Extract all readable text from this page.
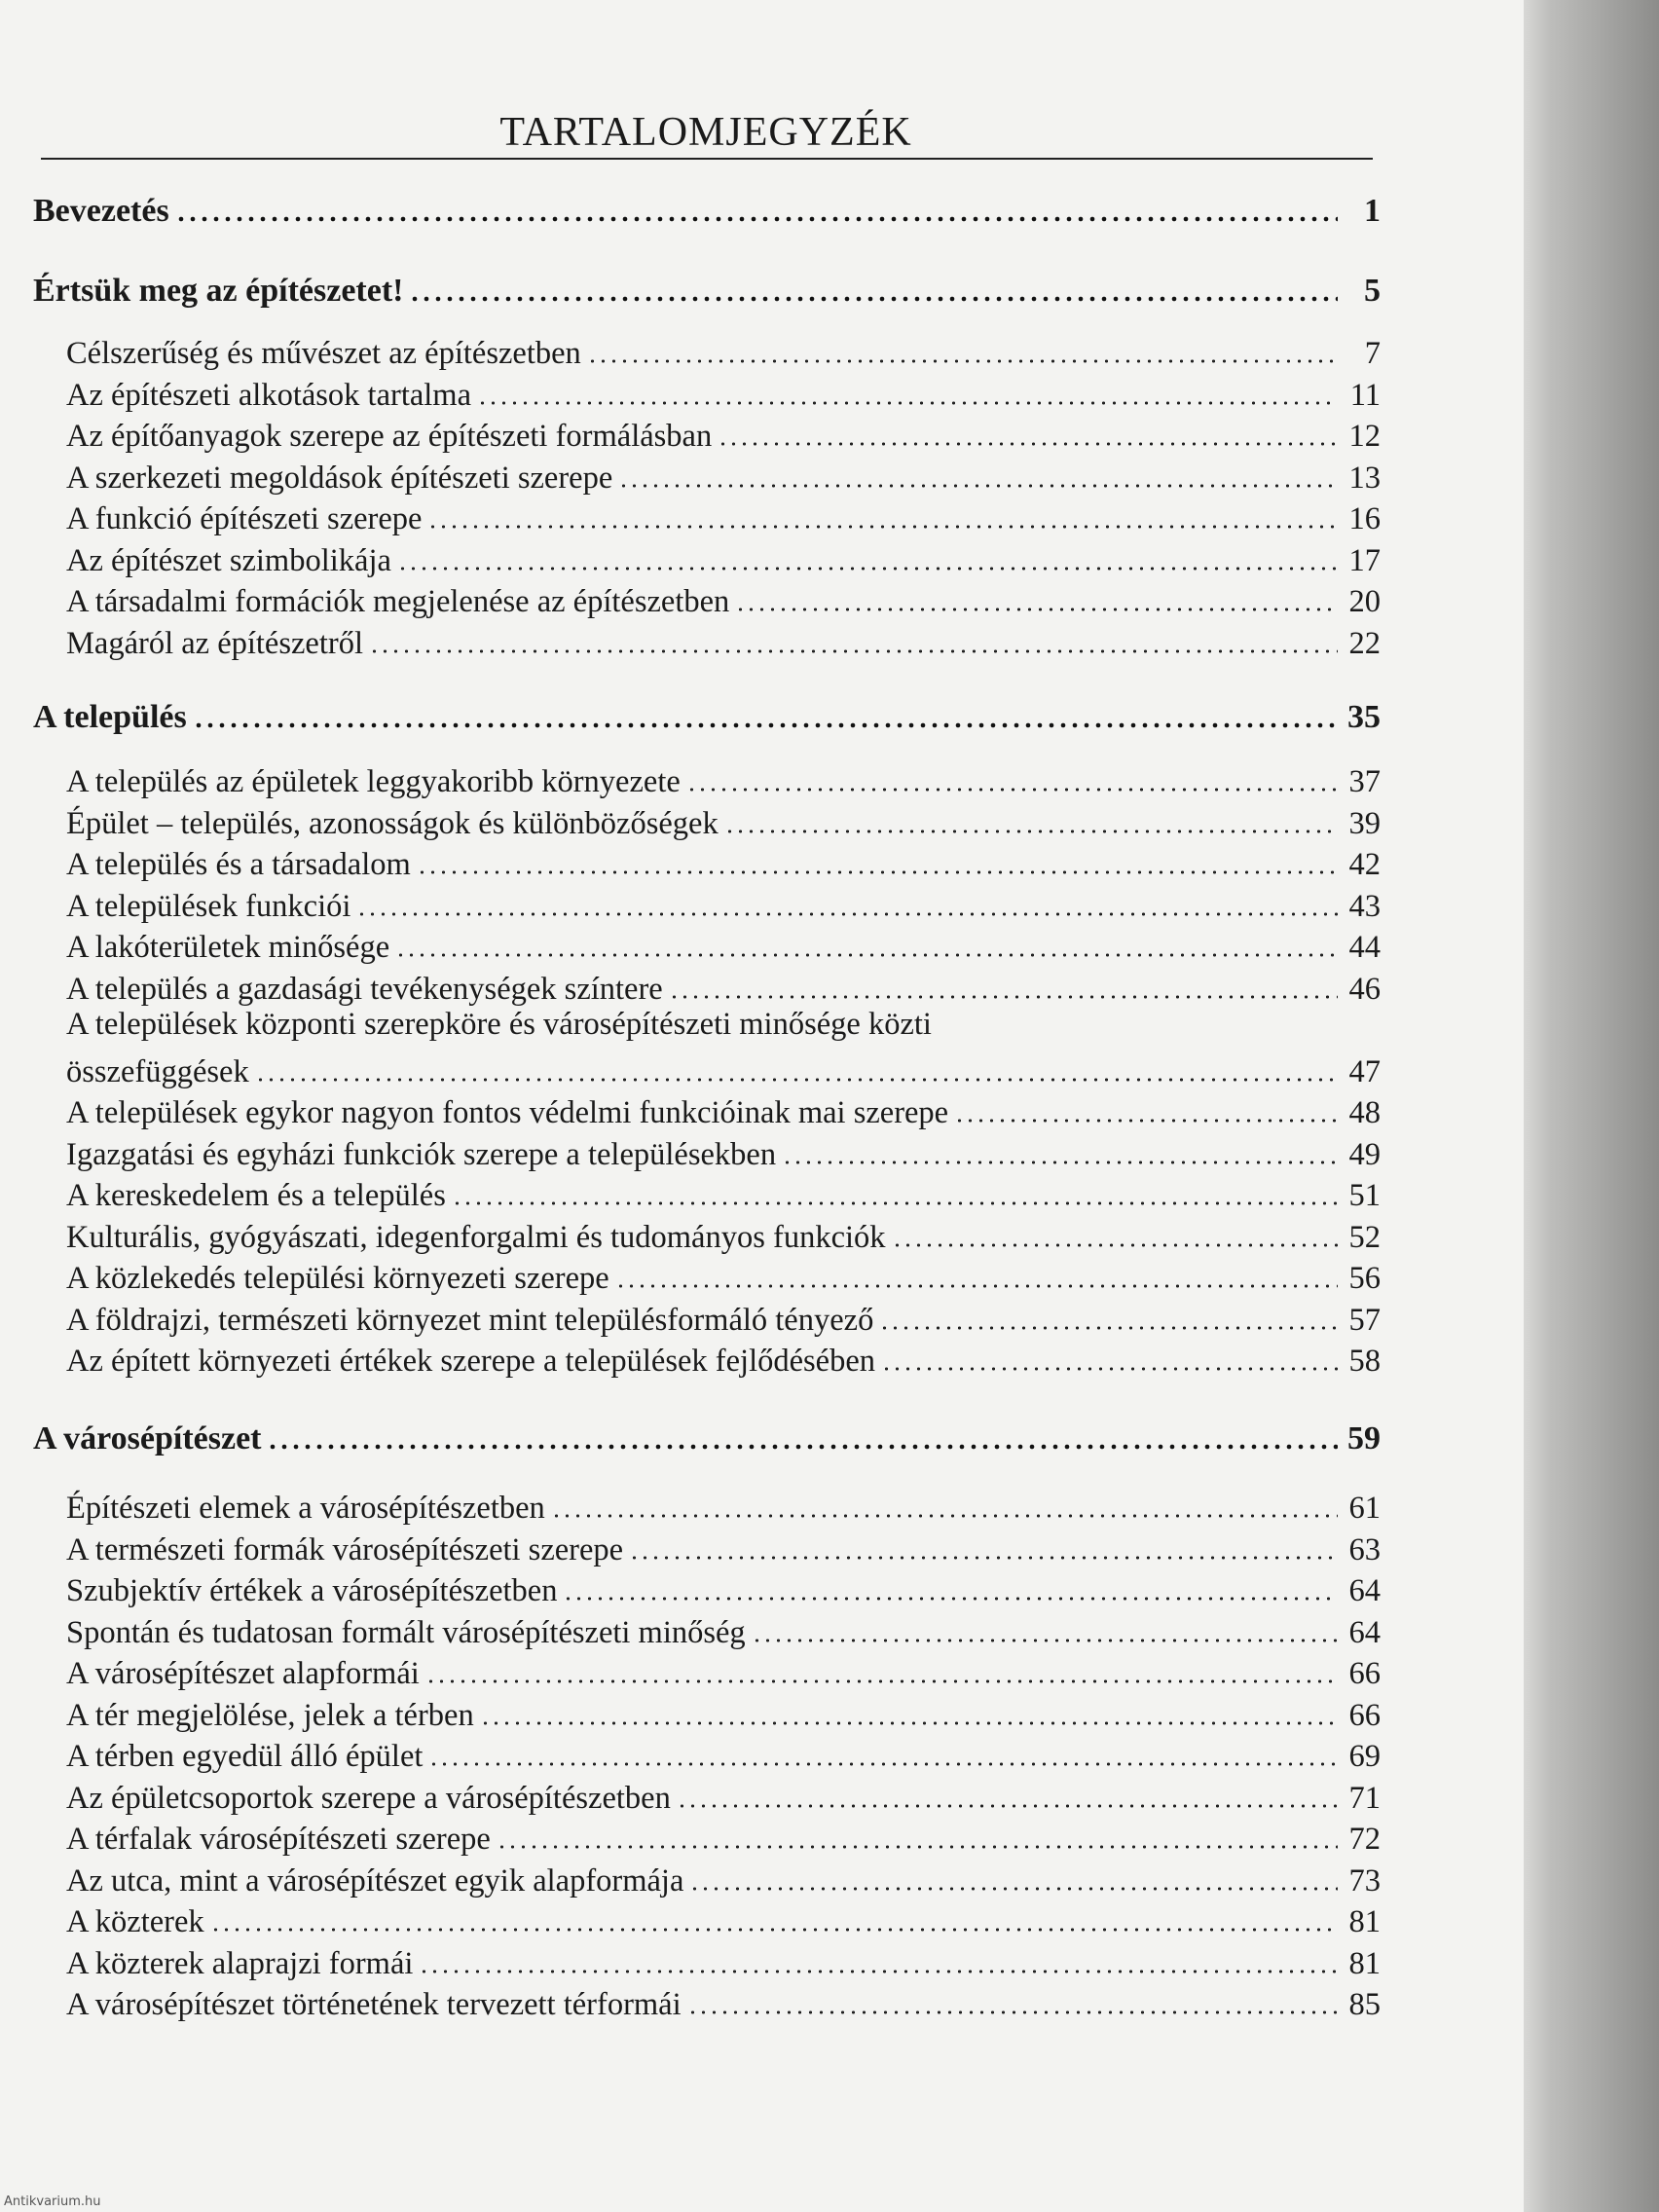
TARTALOMJEGYZÉK
Bevezetés	1
Értsük meg az építészetet!	5
Célszerűség és művészet az építészetben	7
Az építészeti alkotások tartalma	11
Az építőanyagok szerepe az építészeti formálásban	12
A szerkezeti megoldások építészeti szerepe	13
A funkció építészeti szerepe	16
Az építészet szimbolikája	17
A társadalmi formációk megjelenése az építészetben	20
Magáról az építészetről	22
A település	35
A település az épületek leggyakoribb környezete	37
Épület – település, azonosságok és különbözőségek	39
A település és a társadalom	42
A települések funkciói	43
A lakóterületek minősége	44
A település a gazdasági tevékenységek színtere	46
A települések központi szerepköre és városépítészeti minősége közti
összefüggések	47
A települések egykor nagyon fontos védelmi funkcióinak mai szerepe	48
Igazgatási és egyházi funkciók szerepe a településekben	49
A kereskedelem és a település	51
Kulturális, gyógyászati, idegenforgalmi és tudományos funkciók	52
A közlekedés települési környezeti szerepe	56
A földrajzi, természeti környezet mint településformáló tényező	57
Az épített környezeti értékek szerepe a települések fejlődésében	58
A városépítészet	59
Építészeti elemek a városépítészetben	61
A természeti formák városépítészeti szerepe	63
Szubjektív értékek a városépítészetben	64
Spontán és tudatosan formált városépítészeti minőség	64
A városépítészet alapformái	66
A tér megjelölése, jelek a térben	66
A térben egyedül álló épület	69
Az épületcsoportok szerepe a városépítészetben	71
A térfalak városépítészeti szerepe	72
Az utca, mint a városépítészet egyik alapformája	73
A közterek	81
A közterek alaprajzi formái	81
A városépítészet történetének tervezett térformái	85
Antikvarium.hu
